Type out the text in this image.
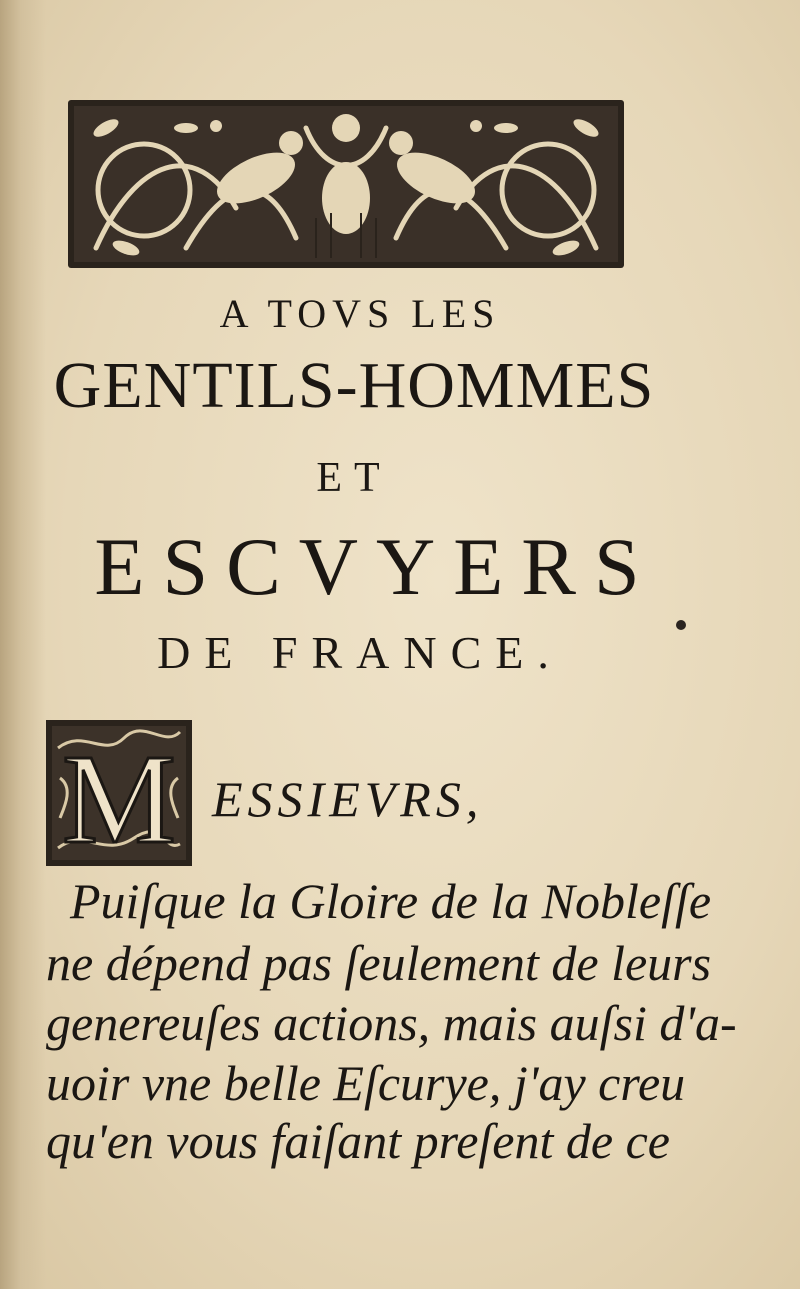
A TOVS LES
GENTILS-HOMMES
ET
ESCVYERS
DE FRANCE.
M ESSIEVRS,
Puiſque la Gloire de la Nobleſſe
ne dépend pas ſeulement de leurs
genereuſes actions, mais auſsi d'a-
uoir vne belle Eſcurye, j'ay creu
qu'en vous faiſant preſent de ce
